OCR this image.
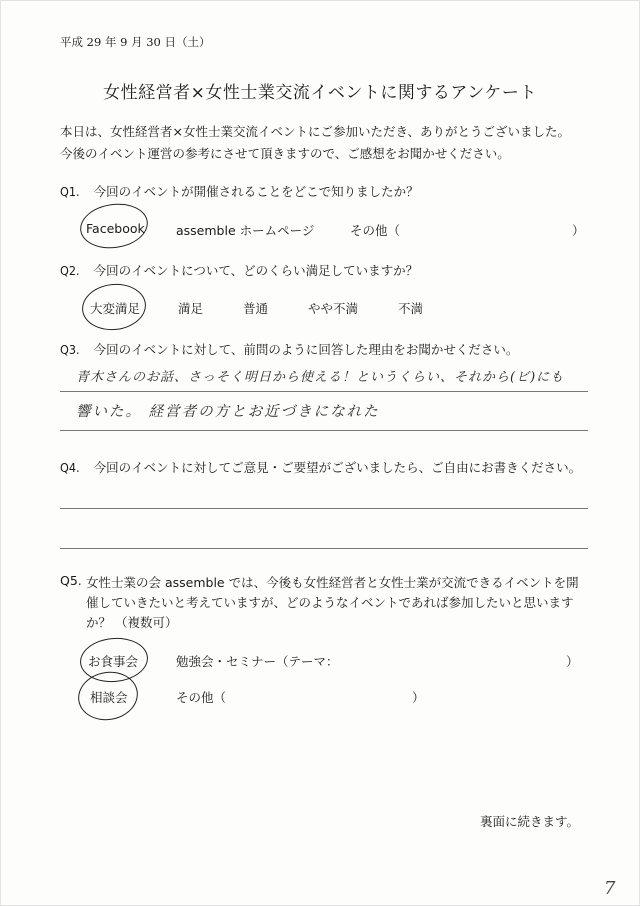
平成 29 年 9 月 30 日（土）
女性経営者×女性士業交流イベントに関するアンケート
本日は、女性経営者×女性士業交流イベントにご参加いただき、ありがとうございました。
今後のイベント運営の参考にさせて頂きますので、ご感想をお聞かせください。
Q1. 今回のイベントが開催されることをどこで知りましたか？
Facebook	assemble ホームページ	その他（	）
Q2. 今回のイベントについて、どのくらい満足していますか？
大変満足	満足	普通	やや不満	不満
Q3. 今回のイベントに対して、前問のように回答した理由をお聞かせください。
青木さんのお話、さっそく明日から使える！というくらい、それから(ビ)にも
響いた。 経営者の方とお近づきになれた
Q4. 今回のイベントに対してご意見・ご要望がございましたら、ご自由にお書きください。
Q5. 女性士業の会 assemble では、今後も女性経営者と女性士業が交流できるイベントを開
催していきたいと考えていますが、どのようなイベントであれば参加したいと思います
か？ （複数可）
お食事会	勉強会・セミナー（テーマ：	）
相談会	その他（	）
裏面に続きます。
7
